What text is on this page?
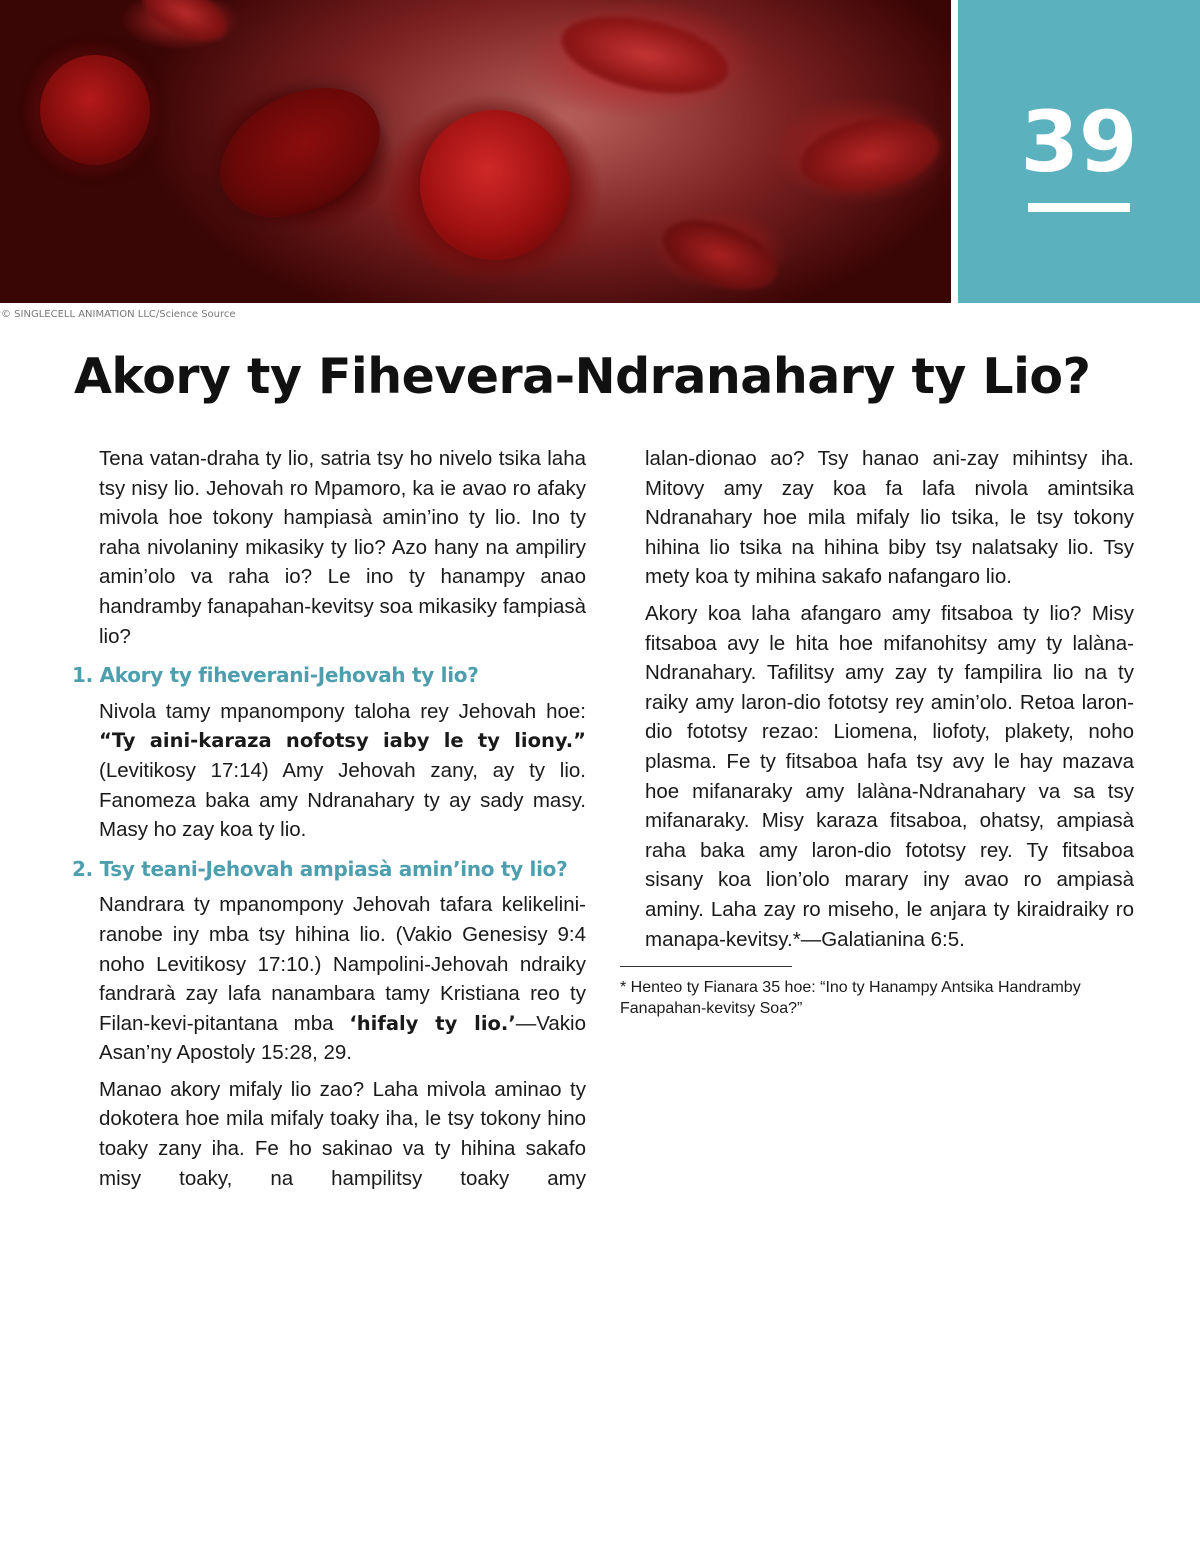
39
© SINGLECELL ANIMATION LLC/Science Source
Akory ty Fihevera-Ndranahary ty Lio?

Tena vatan-draha ty lio, satria tsy ho nivelo tsika laha tsy nisy lio. Jehovah ro Mpamoro, ka ie avao ro afaky mivola hoe tokony hampiasà amin’ino ty lio. Ino ty raha nivolaniny mikasiky ty lio? Azo hany na ampiliry amin’olo va raha io? Le ino ty hanampy anao handramby fanapahan-kevitsy soa mikasiky fampiasà lio?

1. Akory ty fiheverani-Jehovah ty lio?

Nivola tamy mpanompony taloha rey Jehovah hoe: “Ty aini-karaza nofotsy iaby le ty liony.” (Levitikosy 17:14) Amy Jehovah zany, ay ty lio. Fanomeza baka amy Ndranahary ty ay sady masy. Masy ho zay koa ty lio.

2. Tsy teani-Jehovah ampiasà amin’ino ty lio?

Nandrara ty mpanompony Jehovah tafara kelikelini-ranobe iny mba tsy hihina lio. (Vakio Genesisy 9:4 noho Levitikosy 17:10.) Nampolini-Jehovah ndraiky fandrarà zay lafa nanambara tamy Kristiana reo ty Filan-kevi-pitantana mba ‘hifaly ty lio.’—Vakio Asan’ny Apostoly 15:28, 29.

Manao akory mifaly lio zao? Laha mivola aminao ty dokotera hoe mila mifaly toaky iha, le tsy tokony hino toaky zany iha. Fe ho sakinao va ty hihina sakafo misy toaky, na hampilitsy toaky amy

lalan-dionao ao? Tsy hanao ani-zay mihintsy iha. Mitovy amy zay koa fa lafa nivola amintsika Ndranahary hoe mila mifaly lio tsika, le tsy tokony hihina lio tsika na hihina biby tsy nalatsaky lio. Tsy mety koa ty mihina sakafo nafangaro lio.

Akory koa laha afangaro amy fitsaboa ty lio? Misy fitsaboa avy le hita hoe mifanohitsy amy ty lalàna-Ndranahary. Tafilitsy amy zay ty fampilira lio na ty raiky amy laron-dio fototsy rey amin’olo. Retoa laron-dio fototsy rezao: Liomena, liofoty, plakety, noho plasma. Fe ty fitsaboa hafa tsy avy le hay mazava hoe mifanaraky amy lalàna-Ndranahary va sa tsy mifanaraky. Misy karaza fitsaboa, ohatsy, ampiasà raha baka amy laron-dio fototsy rey. Ty fitsaboa sisany koa lion’olo marary iny avao ro ampiasà aminy. Laha zay ro miseho, le anjara ty kiraidraiky ro manapa-kevitsy.*—Galatianina 6:5.

* Henteo ty Fianara 35 hoe: “Ino ty Hanampy Antsika Handramby Fanapahan-kevitsy Soa?”
